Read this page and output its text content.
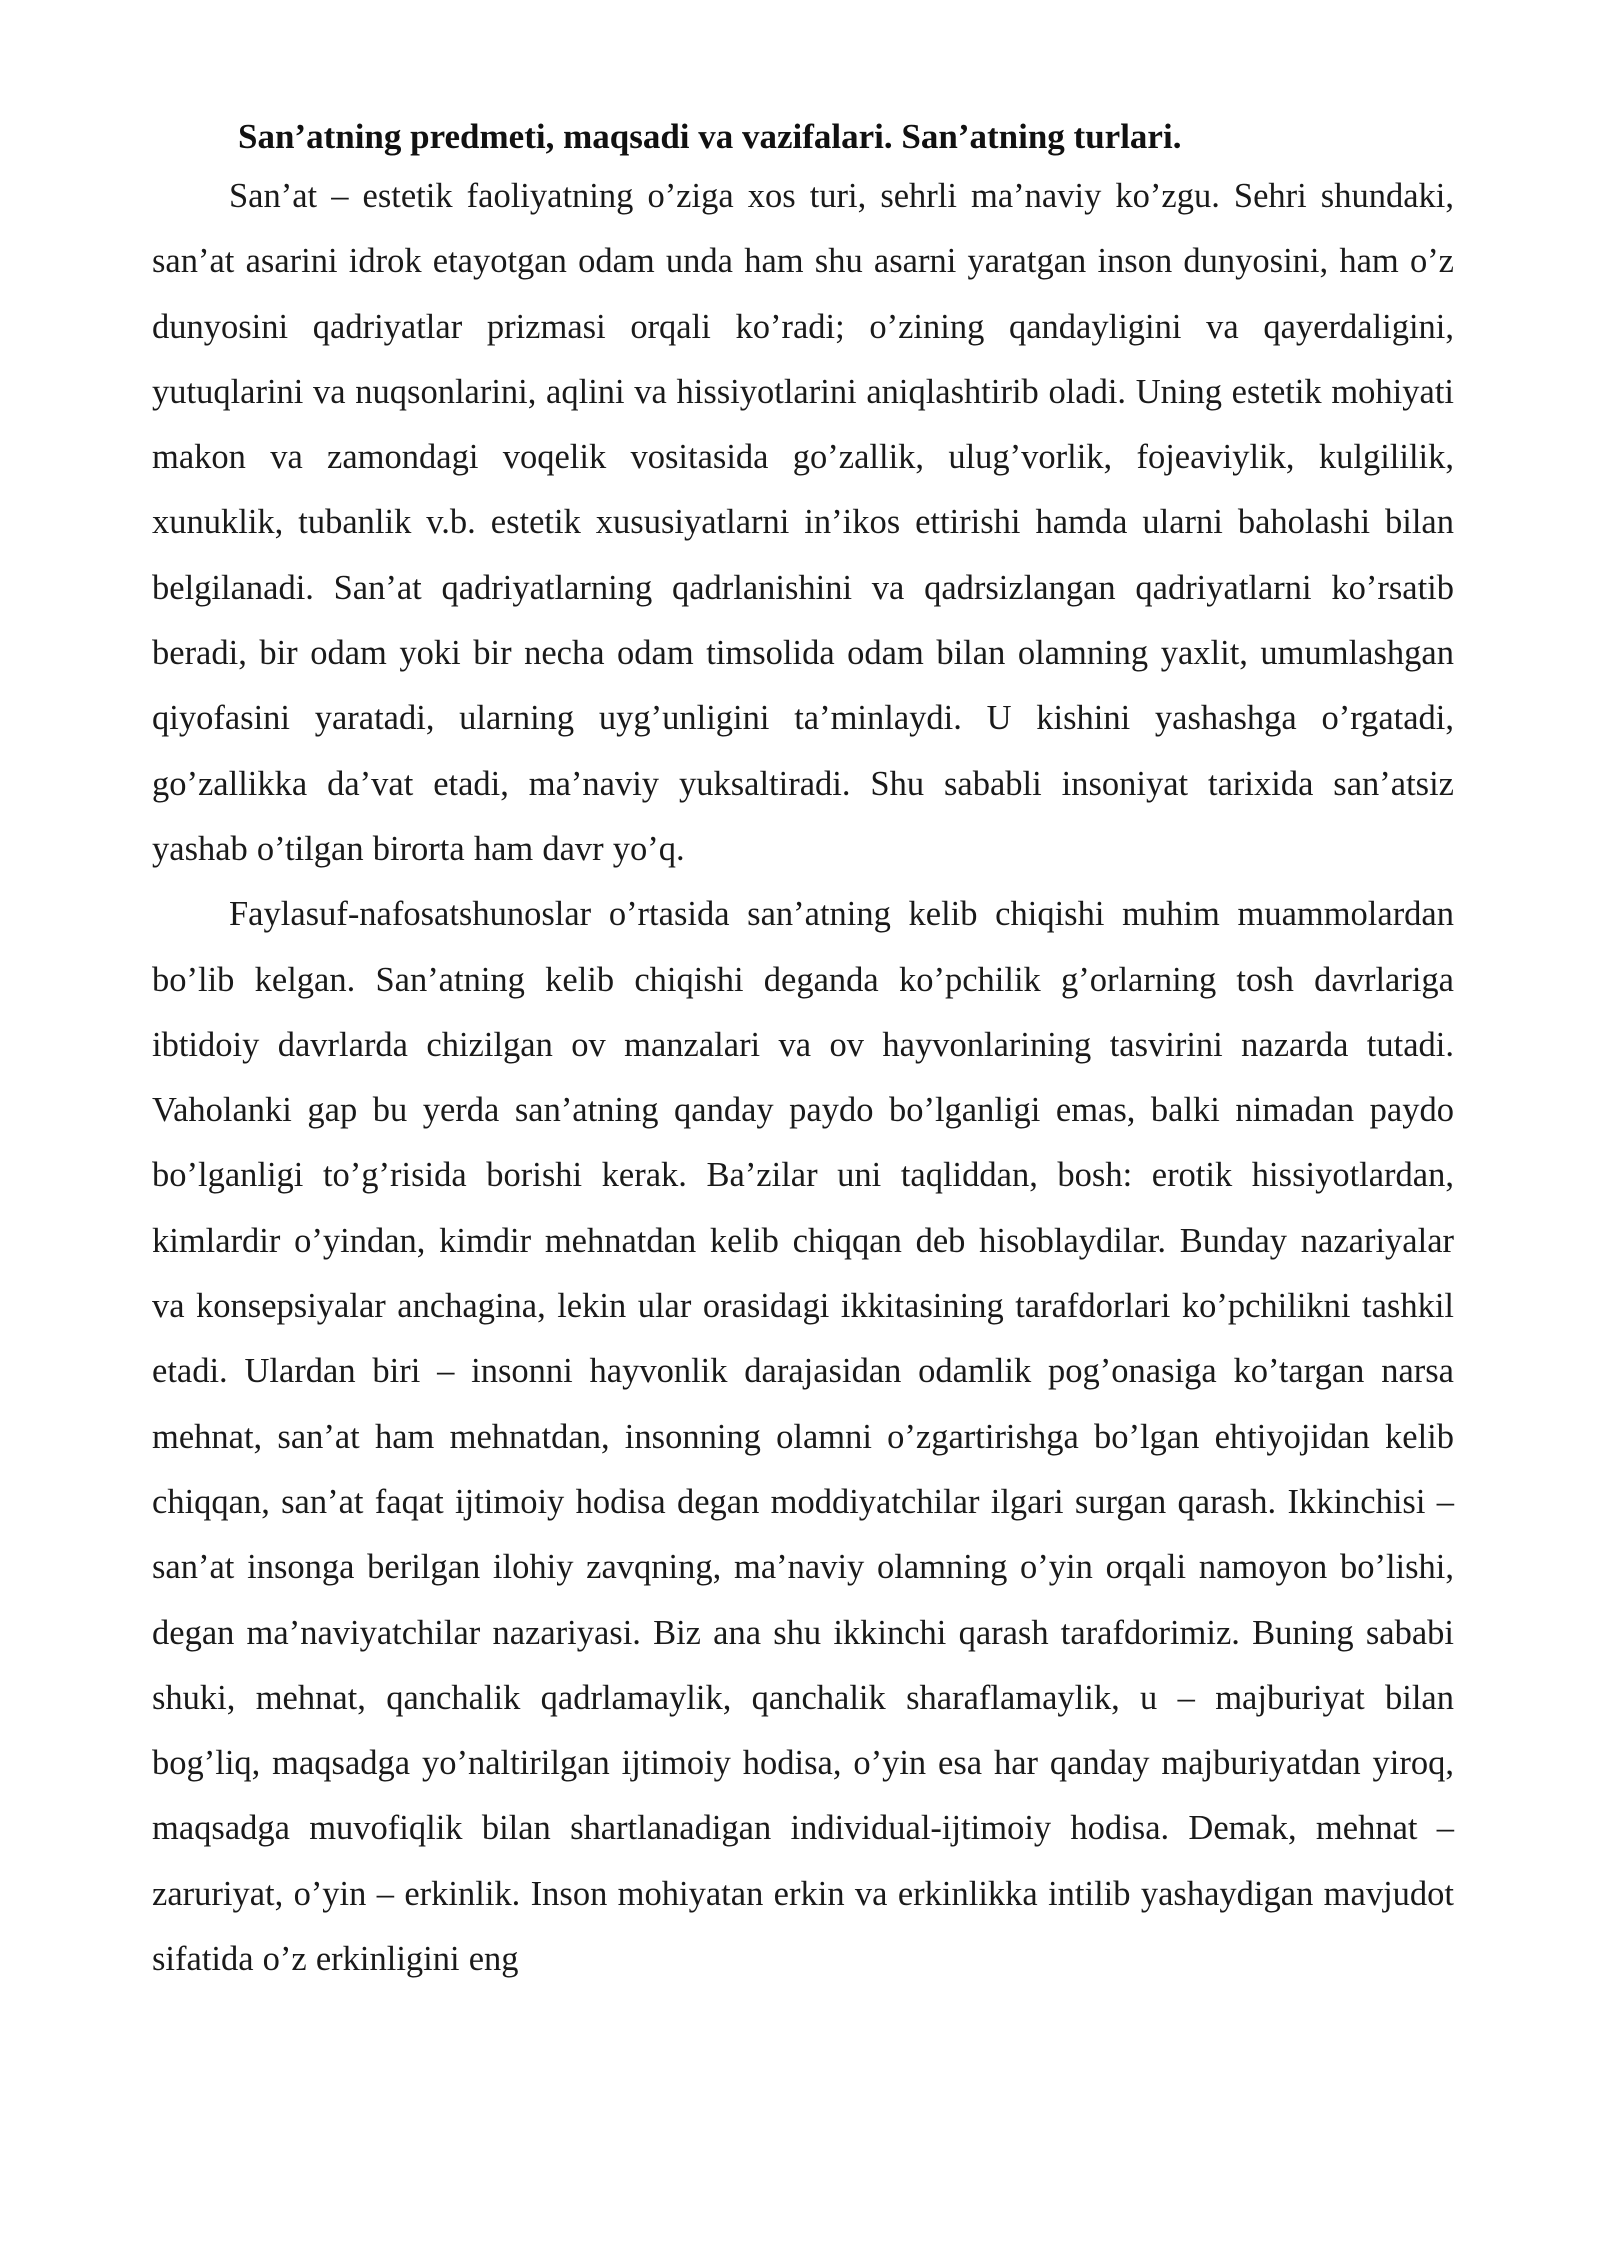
San’atning predmeti, maqsadi va vazifalari. San’atning turlari.

San’at – estetik faoliyatning o’ziga xos turi, sehrli ma’naviy ko’zgu. Sehri shundaki, san’at asarini idrok etayotgan odam unda ham shu asarni yaratgan inson dunyosini, ham o’z dunyosini qadriyatlar prizmasi orqali ko’radi; o’zining qandayligini va qayerdaligini, yutuqlarini va nuqsonlarini, aqlini va hissiyotlarini aniqlashtirib oladi. Uning estetik mohiyati makon va zamondagi voqelik vositasida go’zallik, ulug’vorlik, fojeaviylik, kulgililik, xunuklik, tubanlik v.b. estetik xususiyatlarni in’ikos ettirishi hamda ularni baholashi bilan belgilanadi. San’at qadriyatlarning qadrlanishini va qadrsizlangan qadriyatlarni ko’rsatib beradi, bir odam yoki bir necha odam timsolida odam bilan olamning yaxlit, umumlashgan qiyofasini yaratadi, ularning uyg’unligini ta’minlaydi. U kishini yashashga o’rgatadi, go’zallikka da’vat etadi, ma’naviy yuksaltiradi. Shu sababli insoniyat tarixida san’atsiz yashab o’tilgan birorta ham davr yo’q.

Faylasuf-nafosatshunoslar o’rtasida san’atning kelib chiqishi muhim muammolardan bo’lib kelgan. San’atning kelib chiqishi deganda ko’pchilik g’orlarning tosh davrlariga ibtidoiy davrlarda chizilgan ov manzalari va ov hayvonlarining tasvirini nazarda tutadi. Vaholanki gap bu yerda san’atning qanday paydo bo’lganligi emas, balki nimadan paydo bo’lganligi to’g’risida borishi kerak. Ba’zilar uni taqliddan, bosh: erotik hissiyotlardan, kimlardir o’yindan, kimdir mehnatdan kelib chiqqan deb hisoblaydilar. Bunday nazariyalar va konsepsiyalar anchagina, lekin ular orasidagi ikkitasining tarafdorlari ko’pchilikni tashkil etadi. Ulardan biri – insonni hayvonlik darajasidan odamlik pog’onasiga ko’targan narsa mehnat, san’at ham mehnatdan, insonning olamni o’zgartirishga bo’lgan ehtiyojidan kelib chiqqan, san’at faqat ijtimoiy hodisa degan moddiyatchilar ilgari surgan qarash. Ikkinchisi – san’at insonga berilgan ilohiy zavqning, ma’naviy olamning o’yin orqali namoyon bo’lishi, degan ma’naviyatchilar nazariyasi. Biz ana shu ikkinchi qarash tarafdorimiz. Buning sababi shuki, mehnat, qanchalik qadrlamaylik, qanchalik sharaflamaylik, u – majburiyat bilan bog’liq, maqsadga yo’naltirilgan ijtimoiy hodisa, o’yin esa har qanday majburiyatdan yiroq, maqsadga muvofiqlik bilan shartlanadigan individual-ijtimoiy hodisa. Demak, mehnat –zaruriyat, o’yin – erkinlik. Inson mohiyatan erkin va erkinlikka intilib yashaydigan mavjudot sifatida o’z erkinligini eng
